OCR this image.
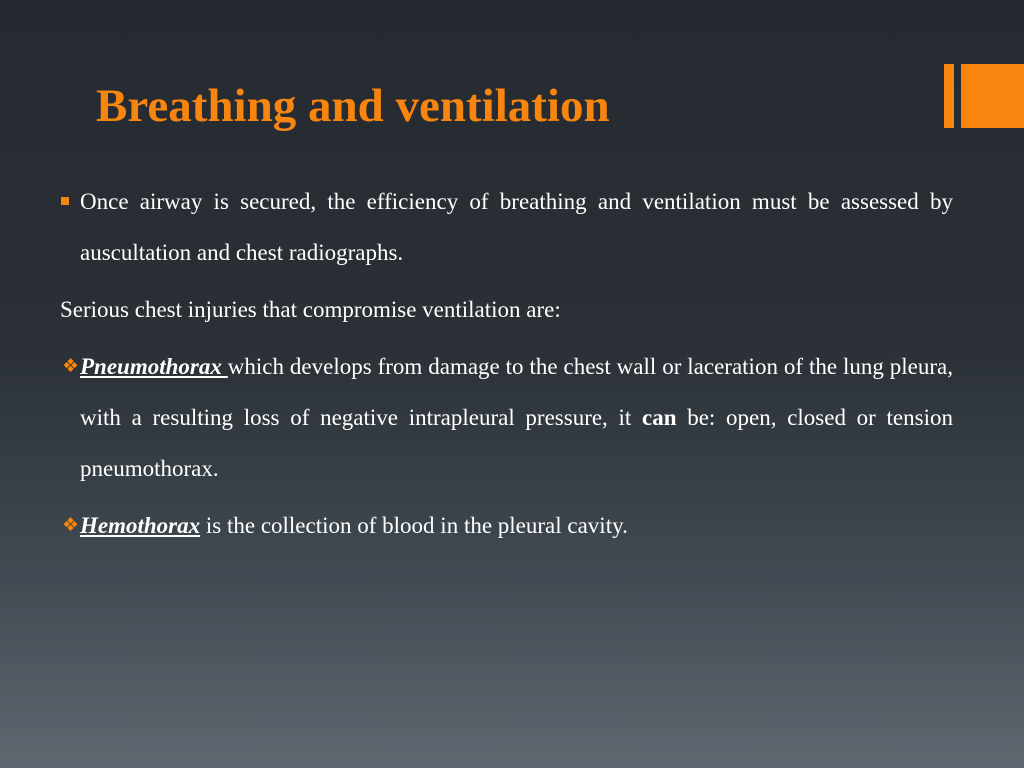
Breathing and ventilation

Once airway is secured, the efficiency of breathing and ventilation must be assessed by auscultation and chest radiographs.

Serious chest injuries that compromise ventilation are:

❖ Pneumothorax which develops from damage to the chest wall or laceration of the lung pleura, with a resulting loss of negative intrapleural pressure, it can be: open, closed or tension pneumothorax.

❖ Hemothorax is the collection of blood in the pleural cavity.
